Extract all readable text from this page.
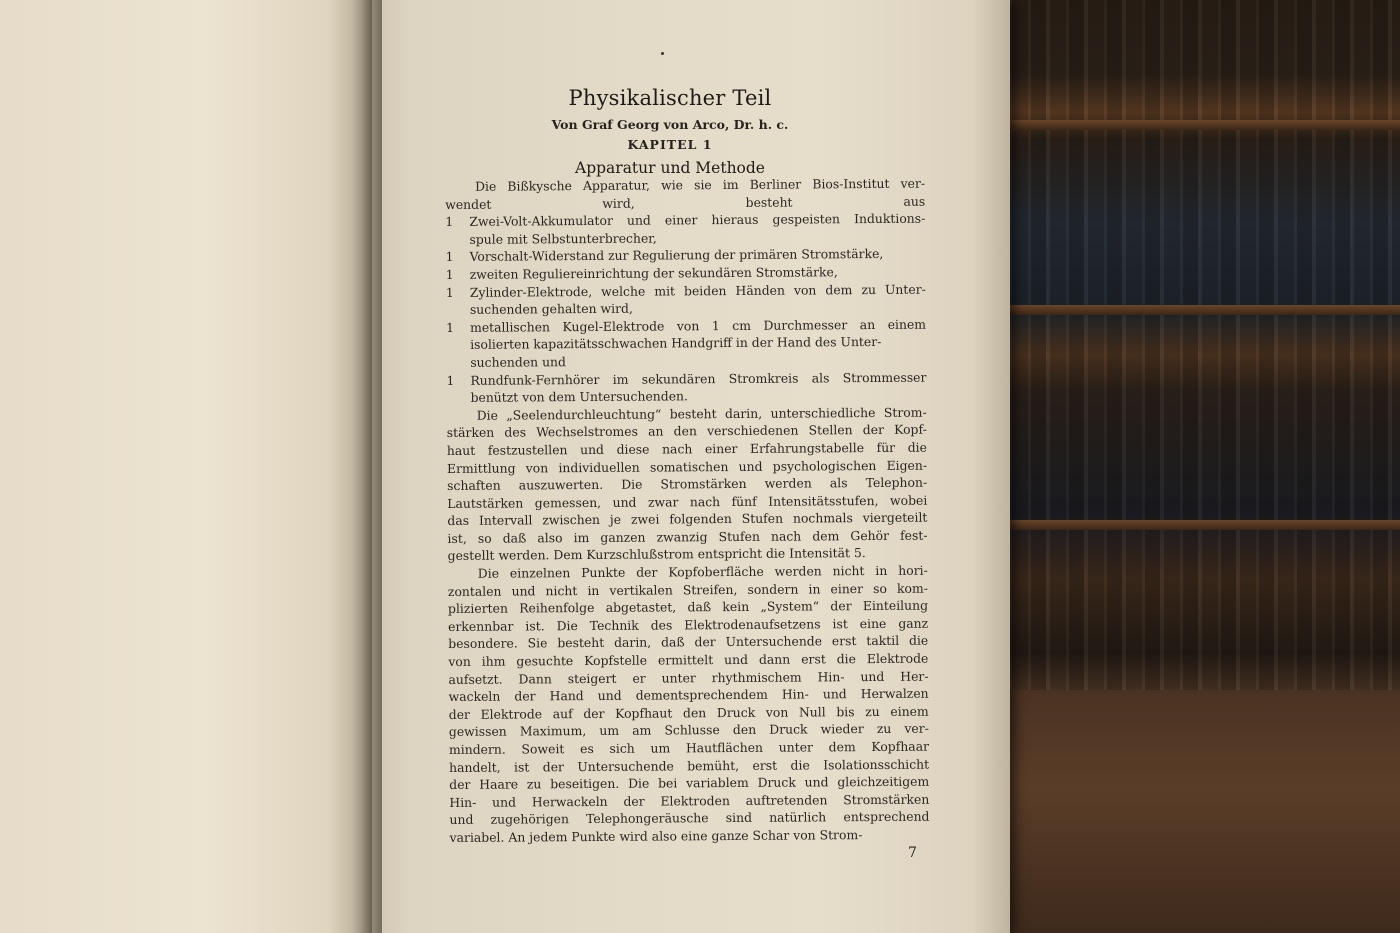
Physikalischer Teil
Von Graf Georg von Arco, Dr. h. c.
KAPITEL 1
Apparatur und Methode
Die Bißkysche Apparatur, wie sie im Berliner Bios-Institut ver-
wendet wird, besteht aus
1 Zwei-Volt-Akkumulator und einer hieraus gespeisten Induktions-
spule mit Selbstunterbrecher,
1 Vorschalt-Widerstand zur Regulierung der primären Stromstärke,
1 zweiten Reguliereinrichtung der sekundären Stromstärke,
1 Zylinder-Elektrode, welche mit beiden Händen von dem zu Unter-
suchenden gehalten wird,
1 metallischen Kugel-Elektrode von 1 cm Durchmesser an einem
isolierten kapazitätsschwachen Handgriff in der Hand des Unter-
suchenden und
1 Rundfunk-Fernhörer im sekundären Stromkreis als Strommesser
benützt von dem Untersuchenden.
Die „Seelendurchleuchtung“ besteht darin, unterschiedliche Strom-
stärken des Wechselstromes an den verschiedenen Stellen der Kopf-
haut festzustellen und diese nach einer Erfahrungstabelle für die
Ermittlung von individuellen somatischen und psychologischen Eigen-
schaften auszuwerten. Die Stromstärken werden als Telephon-
Lautstärken gemessen, und zwar nach fünf Intensitätsstufen, wobei
das Intervall zwischen je zwei folgenden Stufen nochmals viergeteilt
ist, so daß also im ganzen zwanzig Stufen nach dem Gehör fest-
gestellt werden. Dem Kurzschlußstrom entspricht die Intensität 5.
Die einzelnen Punkte der Kopfoberfläche werden nicht in hori-
zontalen und nicht in vertikalen Streifen, sondern in einer so kom-
plizierten Reihenfolge abgetastet, daß kein „System“ der Einteilung
erkennbar ist. Die Technik des Elektrodenaufsetzens ist eine ganz
besondere. Sie besteht darin, daß der Untersuchende erst taktil die
von ihm gesuchte Kopfstelle ermittelt und dann erst die Elektrode
aufsetzt. Dann steigert er unter rhythmischem Hin- und Her-
wackeln der Hand und dementsprechendem Hin- und Herwalzen
der Elektrode auf der Kopfhaut den Druck von Null bis zu einem
gewissen Maximum, um am Schlusse den Druck wieder zu ver-
mindern. Soweit es sich um Hautflächen unter dem Kopfhaar
handelt, ist der Untersuchende bemüht, erst die Isolationsschicht
der Haare zu beseitigen. Die bei variablem Druck und gleichzeitigem
Hin- und Herwackeln der Elektroden auftretenden Stromstärken
und zugehörigen Telephongeräusche sind natürlich entsprechend
variabel. An jedem Punkte wird also eine ganze Schar von Strom-
7
